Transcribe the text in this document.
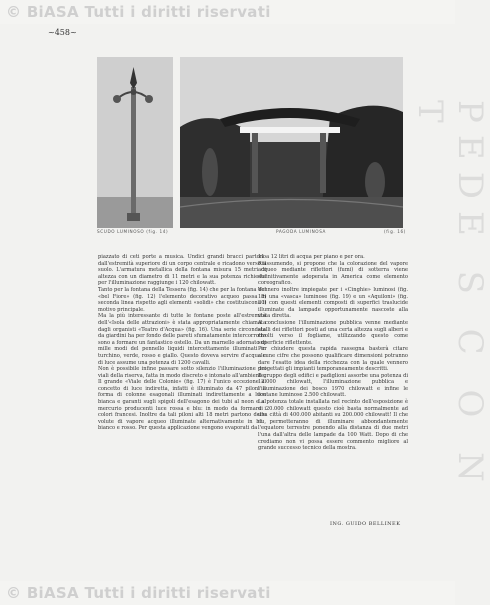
© BiASA Tutti i diritti riservati
PEDE S C O N T
~458~
SCUDO LUMINOSO (fig. 14)	PAGODA LUMINOSA	(fig. 16)

piazzato di ceti porte a musica. Undici grandi bracci partono dall'estremità superiore di un corpo centrale e ricadono verso il suolo. L'armatura metallica della fontana misura 15 metri di altezza con un diametro di 11 metri e la sua potenza richiesta per l'illuminazione raggiunge i 120 chilowatt.

Tanto per la fontana della Tessera (fig. 14) che per la fontana del «bel Fiore» (fig. 12) l'elemento decorativo acqueo passa in seconda linea rispetto agli elementi «solidi» che costituiscono il motivo principale.

Ma la più interessante di tutte le fontane poste all'estremità dell'«Isola delle attrazioni» è stata appropriatamente chiamata dagli organisti «Teatro d'Acqua» (fig. 16). Una serie circondata da giardini ha per fondo delle pareti sfumatamente intercorrotto sono a formare un fantastico ostello. Da un marnello adornato di mille modi del pennello liquidi intercettamente illuminati in turchino, verde, rosso e giallo. Questo doveva servire d'acqua e di luce assume una potenza di 1200 cavalli.

Non è possibile infine passare sotto silenzio l'illuminazione dei viali della riserva, fatta in modo discreto e intonato all'ambiente.

Il grande «Viale delle Colonie» (fig. 17) è l'unico eccezione al concetto di luce indiretta, infatti è illuminato da 47 piloni a forma di colonne esagonali illuminati indirettamente a luce bianca e garanti sugli spigoli dell'esagono dei tubi al neon e al mercurio producenti luce rossa e blu: in modo da formare i colori francesi. Inoltre da tali piloni alti 18 metri partono delle volute di vapore acqueo illuminate alternativamente in blu, bianco e rosso. Per questa applicazione vengono evaporati da

11 a 12 litri di acqua per piano e per ora.

Riassumendo, si propone che la colorazione del vapore acqueo mediante riflettori (fumi) di sotterra viene definitivamente adoperata in America come elemento coreografico.

Vennero inoltre impiegate per i «Cinghie» luminosi (fig. 18) una «vasca» luminose (fig. 19) e un «Aquiloni» (fig. 20) con questi elementi composti di superfici traslucide illuminate da lampade opportunamente nascoste alla vista diretta.

A conclusione l'illuminazione pubblica venne mediante stalli dei riflettori posti ad una certa altezza sugli alberi e rivolti verso il fogliame, utilizzando questo come superficie riflettente.

Per chiudere questa rapida rassegna basterà citare alcune cifre che possono qualificare dimensioni potranno dare l'esatto idea della ricchezza con la quale vennero progettati gli impianti temporaneamente descritti.

Il gruppo degli edifici e padiglioni assorbe una potenza di 12.000 chilowatt, l'illuminazione pubblica e l'illuminazione dei bosco 1970 chilowatt e infine le fontane luminose 2.500 chilowatt.

La potenza totale installata nel recinto dell'esposizione è di 20.000 chilowatt questo cioè basta normalmente ad una città di 400.000 abitanti su 200.000 chilowatt! Il che ci permetteranno di illuminare abbondantemente l'equatore terrestre ponendo alla distanza di due metri l'una dall'altra delle lampade da 100 Watt. Dopo di che crediamo non vi possa essere commento migliore al grande successo tecnico della mostra.

ING. GUIDO BELLINEK
© BiASA Tutti i diritti riservati
